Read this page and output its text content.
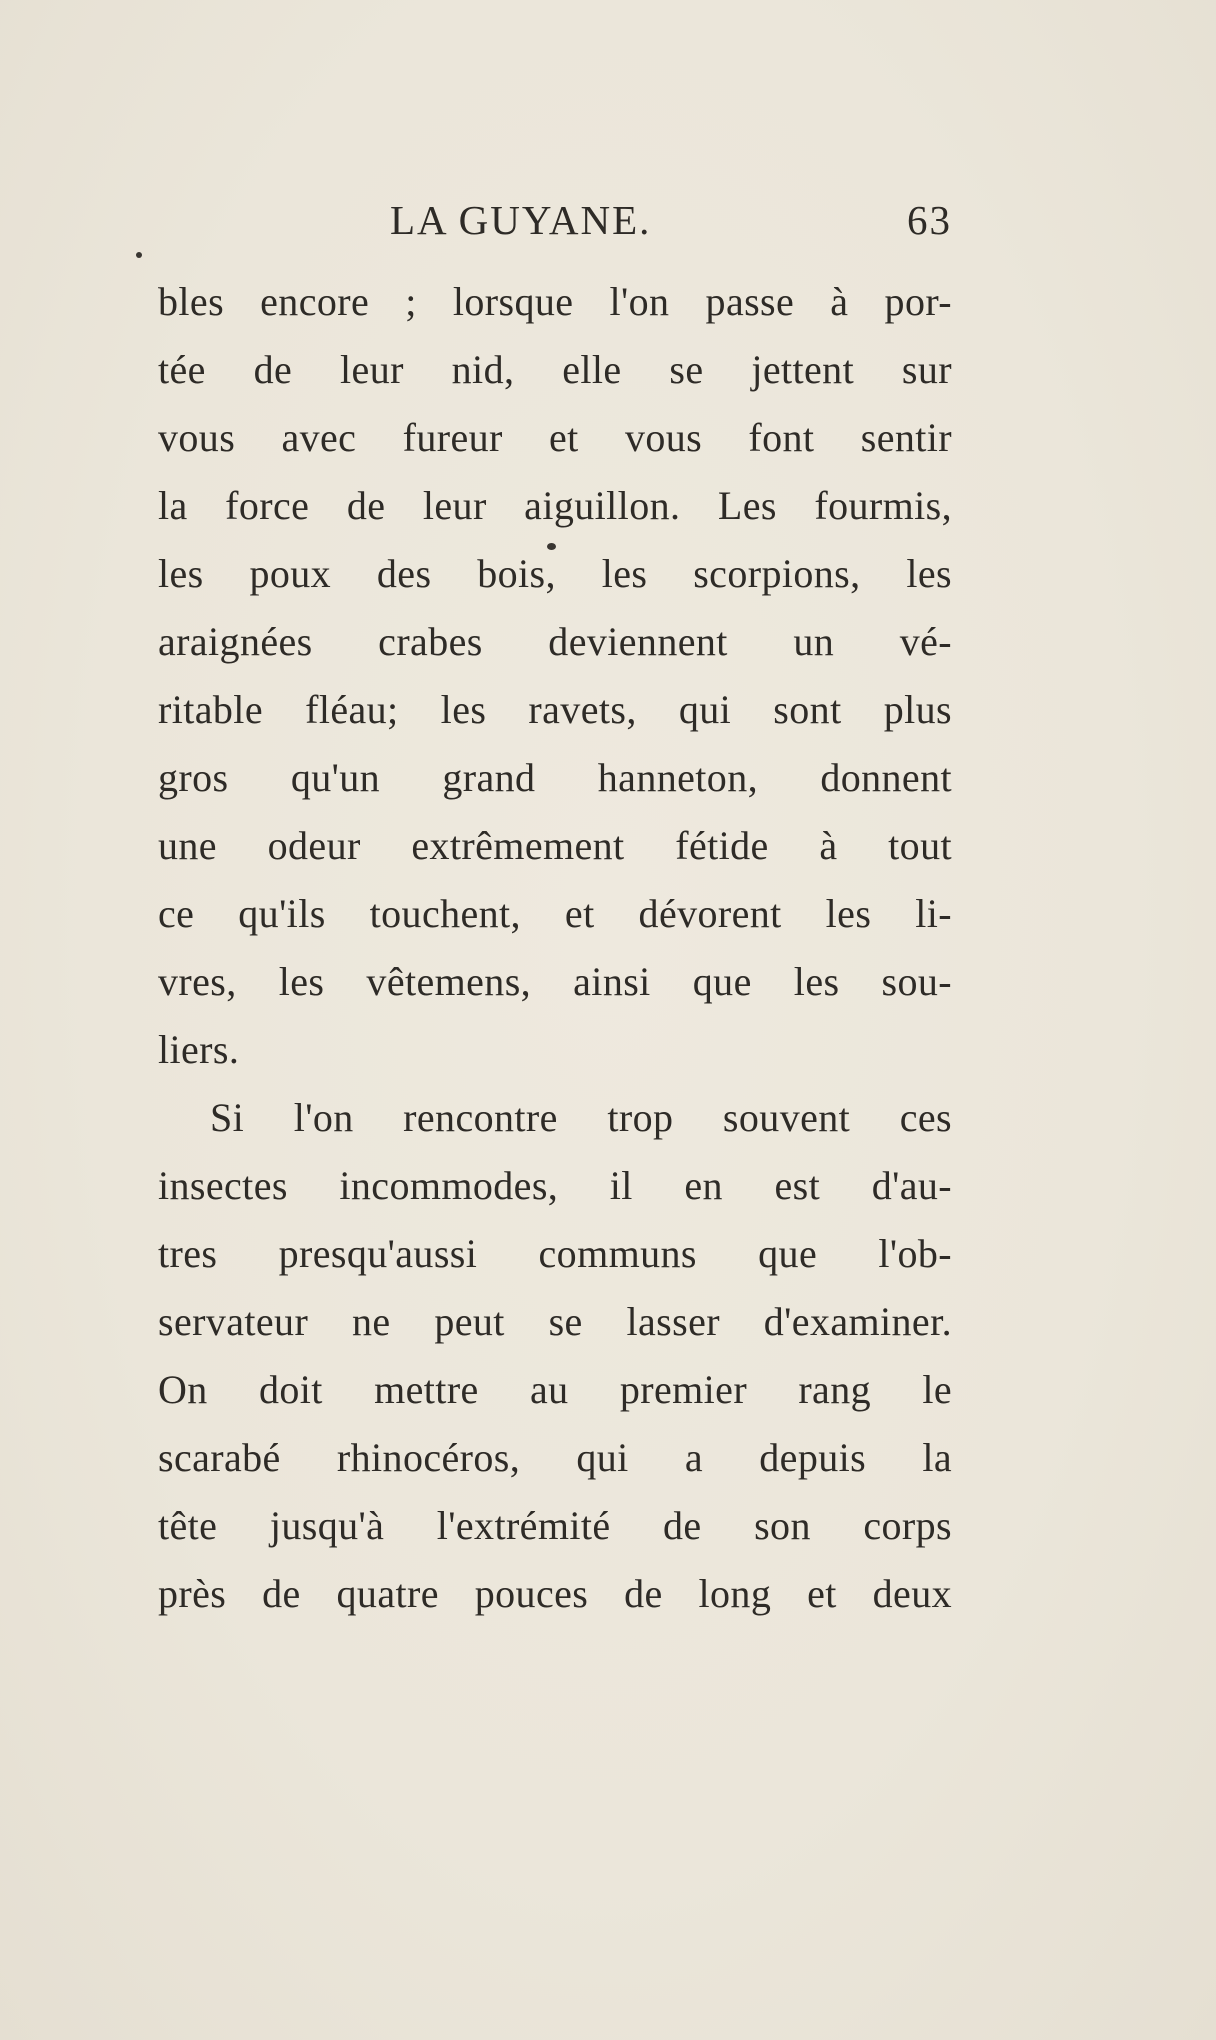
LA GUYANE.	63
bles encore ; lorsque l'on passe à por-
tée de leur nid, elle se jettent sur
vous avec fureur et vous font sentir
la force de leur aiguillon. Les fourmis,
les poux des bois, les scorpions, les
araignées crabes deviennent un vé-
ritable fléau; les ravets, qui sont plus
gros qu'un grand hanneton, donnent
une odeur extrêmement fétide à tout
ce qu'ils touchent, et dévorent les li-
vres, les vêtemens, ainsi que les sou-
liers.
Si l'on rencontre trop souvent ces
insectes incommodes, il en est d'au-
tres presqu'aussi communs que l'ob-
servateur ne peut se lasser d'examiner.
On doit mettre au premier rang le
scarabé rhinocéros, qui a depuis la
tête jusqu'à l'extrémité de son corps
près de quatre pouces de long et deux
